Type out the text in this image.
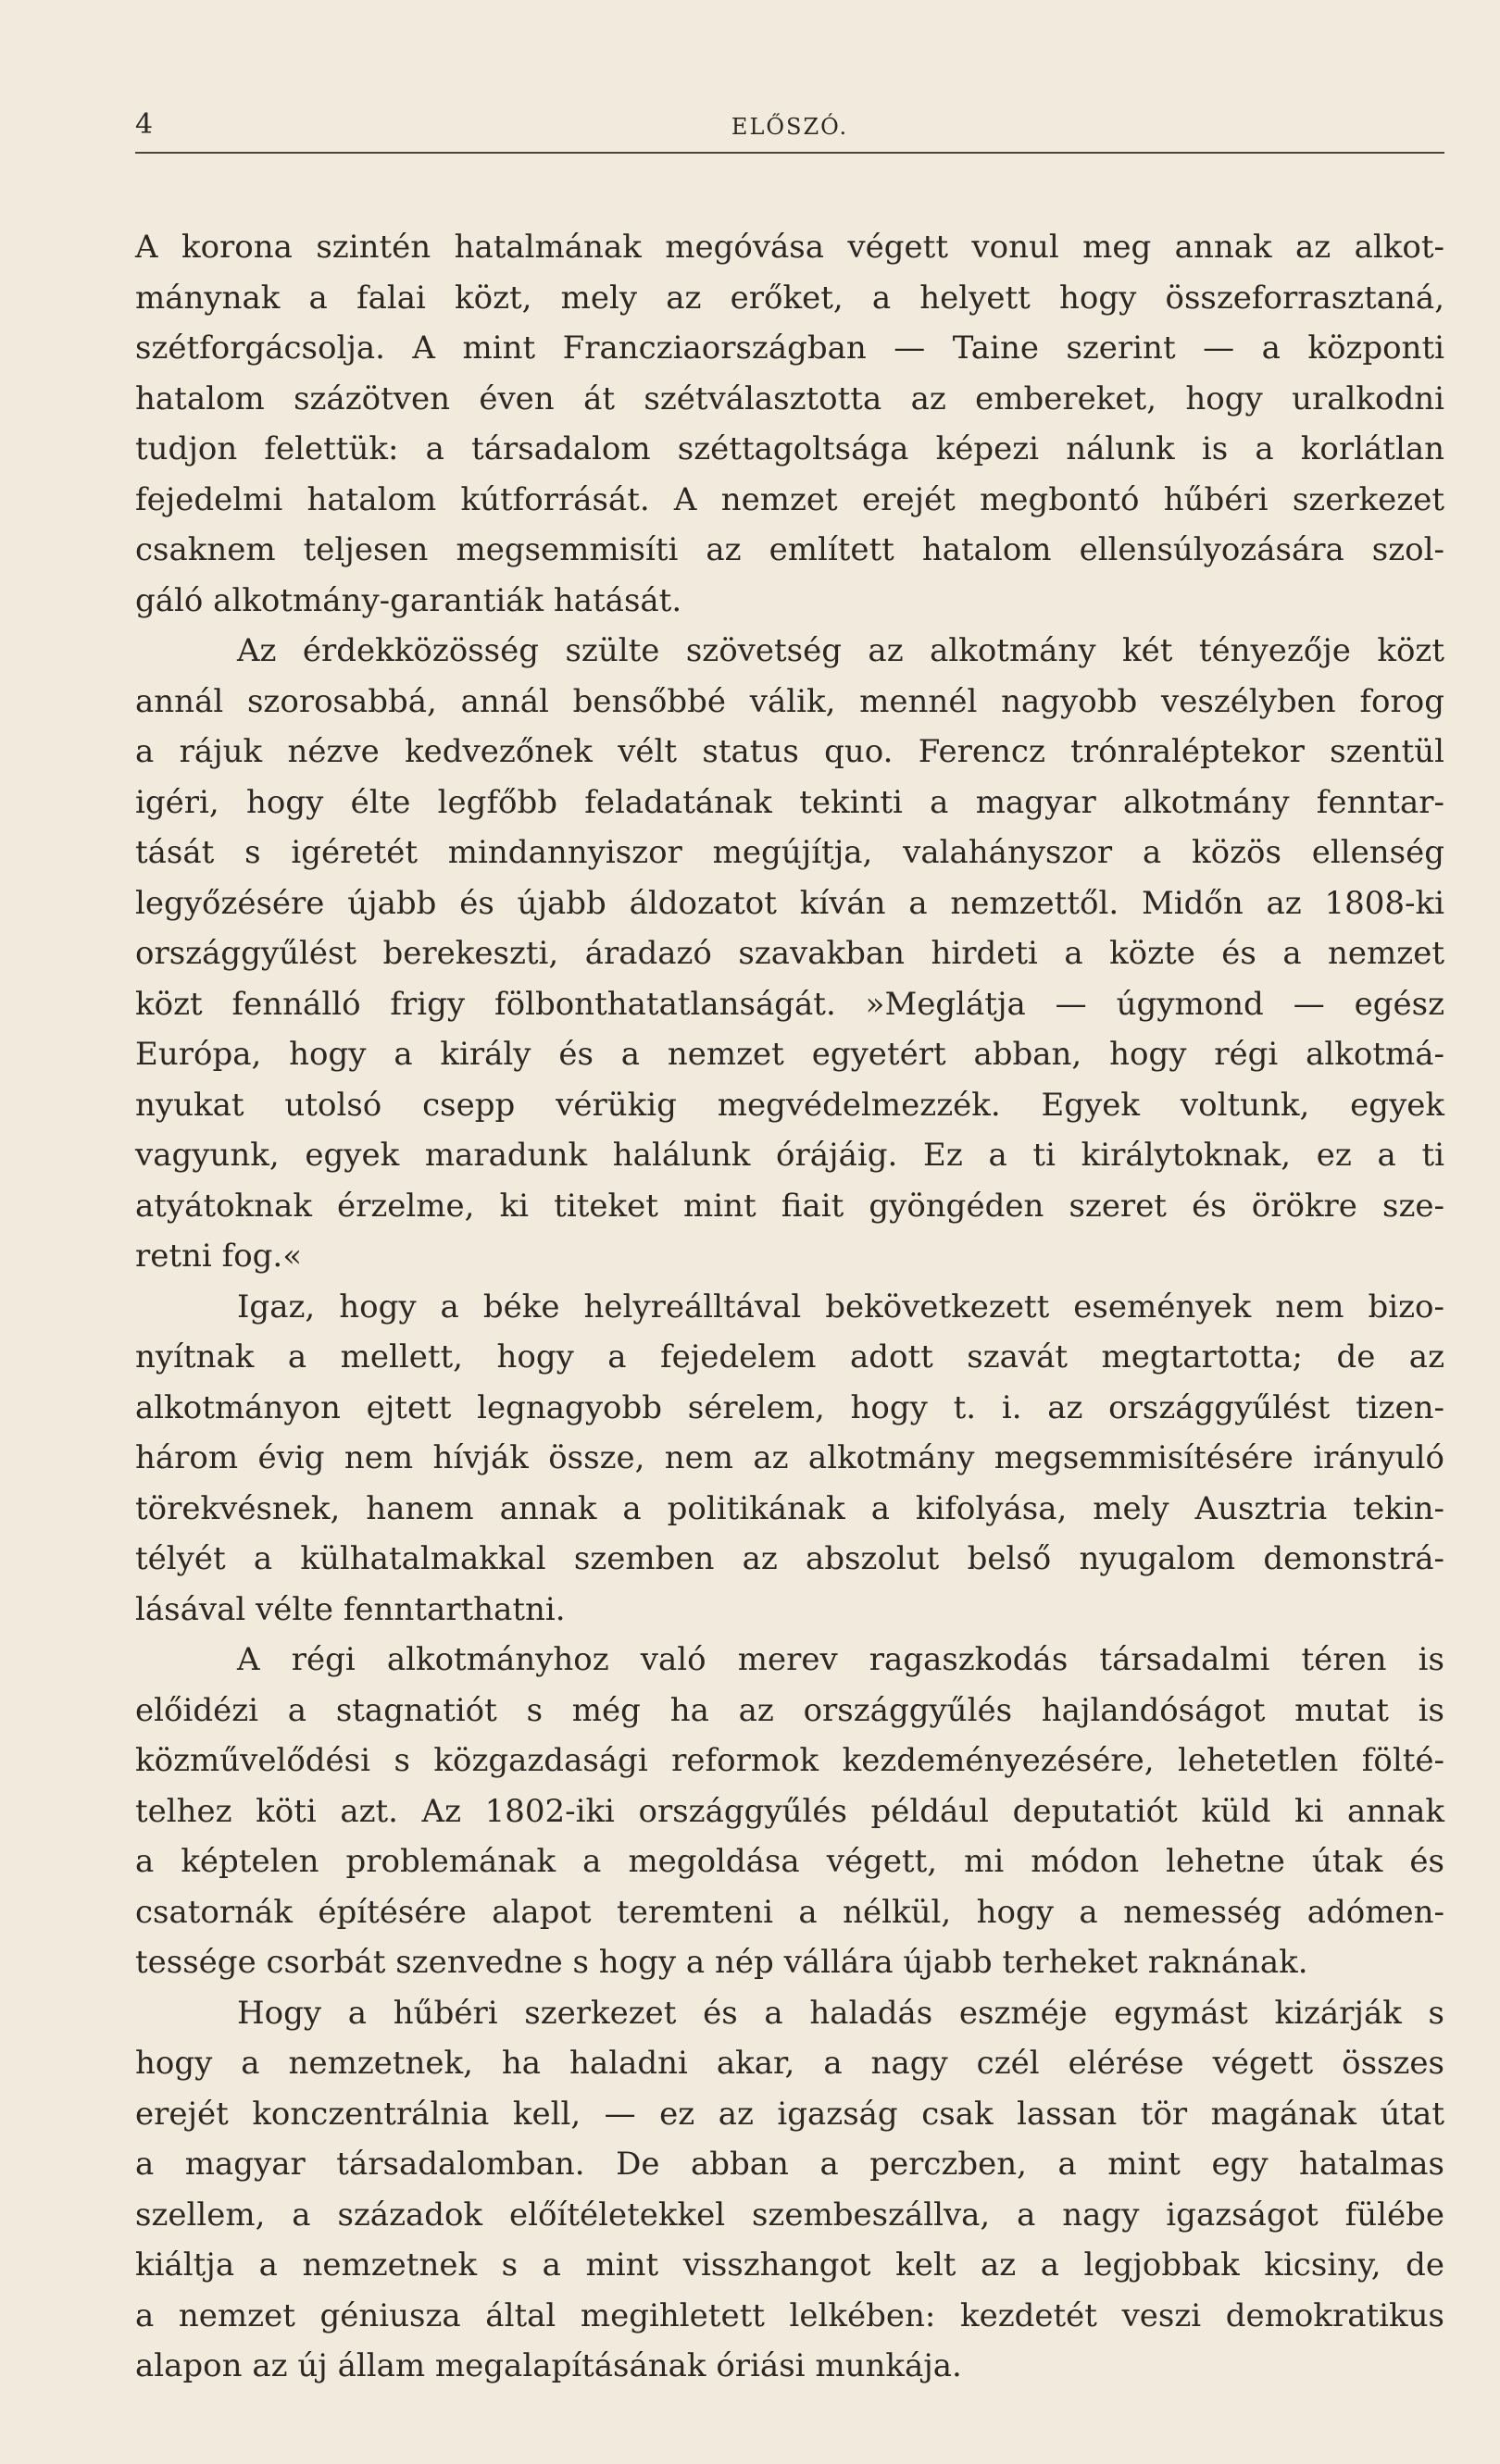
4	ELŐSZÓ.
A korona szintén hatalmának megóvása végett vonul meg annak az alkot-
mánynak a falai közt, mely az erőket, a helyett hogy összeforrasztaná,
szétforgácsolja. A mint Francziaországban — Taine szerint — a központi
hatalom százötven éven át szétválasztotta az embereket, hogy uralkodni
tudjon felettük: a társadalom széttagoltsága képezi nálunk is a korlátlan
fejedelmi hatalom kútforrását. A nemzet erejét megbontó hűbéri szerkezet
csaknem teljesen megsemmisíti az említett hatalom ellensúlyozására szol-
gáló alkotmány-garantiák hatását.
Az érdekközösség szülte szövetség az alkotmány két tényezője közt
annál szorosabbá, annál bensőbbé válik, mennél nagyobb veszélyben forog
a rájuk nézve kedvezőnek vélt status quo. Ferencz trónraléptekor szentül
igéri, hogy élte legfőbb feladatának tekinti a magyar alkotmány fenntar-
tását s igéretét mindannyiszor megújítja, valahányszor a közös ellenség
legyőzésére újabb és újabb áldozatot kíván a nemzettől. Midőn az 1808-ki
országgyűlést berekeszti, áradazó szavakban hirdeti a közte és a nemzet
közt fennálló frigy fölbonthatatlanságát. »Meglátja — úgymond — egész
Európa, hogy a király és a nemzet egyetért abban, hogy régi alkotmá-
nyukat utolsó csepp vérükig megvédelmezzék. Egyek voltunk, egyek
vagyunk, egyek maradunk halálunk órájáig. Ez a ti királytoknak, ez a ti
atyátoknak érzelme, ki titeket mint fiait gyöngéden szeret és örökre sze-
retni fog.«
Igaz, hogy a béke helyreálltával bekövetkezett események nem bizo-
nyítnak a mellett, hogy a fejedelem adott szavát megtartotta; de az
alkotmányon ejtett legnagyobb sérelem, hogy t. i. az országgyűlést tizen-
három évig nem hívják össze, nem az alkotmány megsemmisítésére irányuló
törekvésnek, hanem annak a politikának a kifolyása, mely Ausztria tekin-
télyét a külhatalmakkal szemben az abszolut belső nyugalom demonstrá-
lásával vélte fenntarthatni.
A régi alkotmányhoz való merev ragaszkodás társadalmi téren is
előidézi a stagnatiót s még ha az országgyűlés hajlandóságot mutat is
közművelődési s közgazdasági reformok kezdeményezésére, lehetetlen fölté-
telhez köti azt. Az 1802-iki országgyűlés például deputatiót küld ki annak
a képtelen problemának a megoldása végett, mi módon lehetne útak és
csatornák építésére alapot teremteni a nélkül, hogy a nemesség adómen-
tessége csorbát szenvedne s hogy a nép vállára újabb terheket raknának.
Hogy a hűbéri szerkezet és a haladás eszméje egymást kizárják s
hogy a nemzetnek, ha haladni akar, a nagy czél elérése végett összes
erejét konczentrálnia kell, — ez az igazság csak lassan tör magának útat
a magyar társadalomban. De abban a perczben, a mint egy hatalmas
szellem, a századok előítéletekkel szembeszállva, a nagy igazságot fülébe
kiáltja a nemzetnek s a mint visszhangot kelt az a legjobbak kicsiny, de
a nemzet géniusza által megihletett lelkében: kezdetét veszi demokratikus
alapon az új állam megalapításának óriási munkája.
